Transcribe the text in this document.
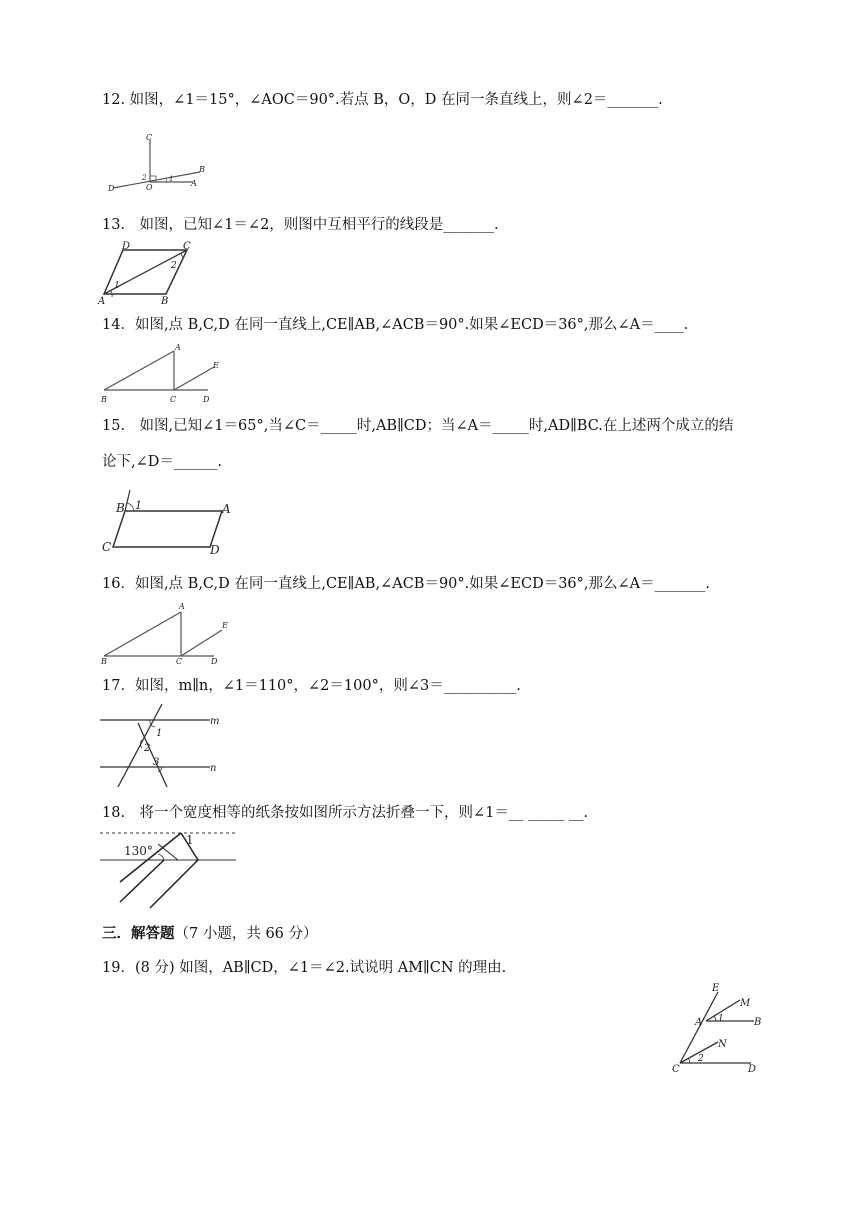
12. 如图，∠1＝15°，∠AOC＝90°.若点 B，O，D 在同一条直线上，则∠2＝_______.
C
B
D	O	A
1
2
13.　如图，已知∠1＝∠2，则图中互相平行的线段是_______.
D	C
A	B
1
2
14．如图,点 B,C,D 在同一直线上,CE∥AB,∠ACB＝90°.如果∠ECD＝36°,那么∠A＝____.
A
E
B	C	D
15.　如图,已知∠1＝65°,当∠C＝_____时,AB∥CD；当∠A＝_____时,AD∥BC.在上述两个成立的结
论下,∠D＝______.
B 1	A
C	D
16．如图,点 B,C,D 在同一直线上,CE∥AB,∠ACB＝90°.如果∠ECD＝36°,那么∠A＝_______.
A
E
B	C	D
17．如图，m∥n，∠1＝110°，∠2＝100°，则∠3＝__________.
m
n
1
2
3
18.　将一个宽度相等的纸条按如图所示方法折叠一下，则∠1＝__ _____ __.
130°
1
三．解答题（7 小题，共 66 分）
19．(8 分) 如图，AB∥CD，∠1＝∠2.试说明 AM∥CN 的理由.
E
M
A	B
N
C	D
1
2
